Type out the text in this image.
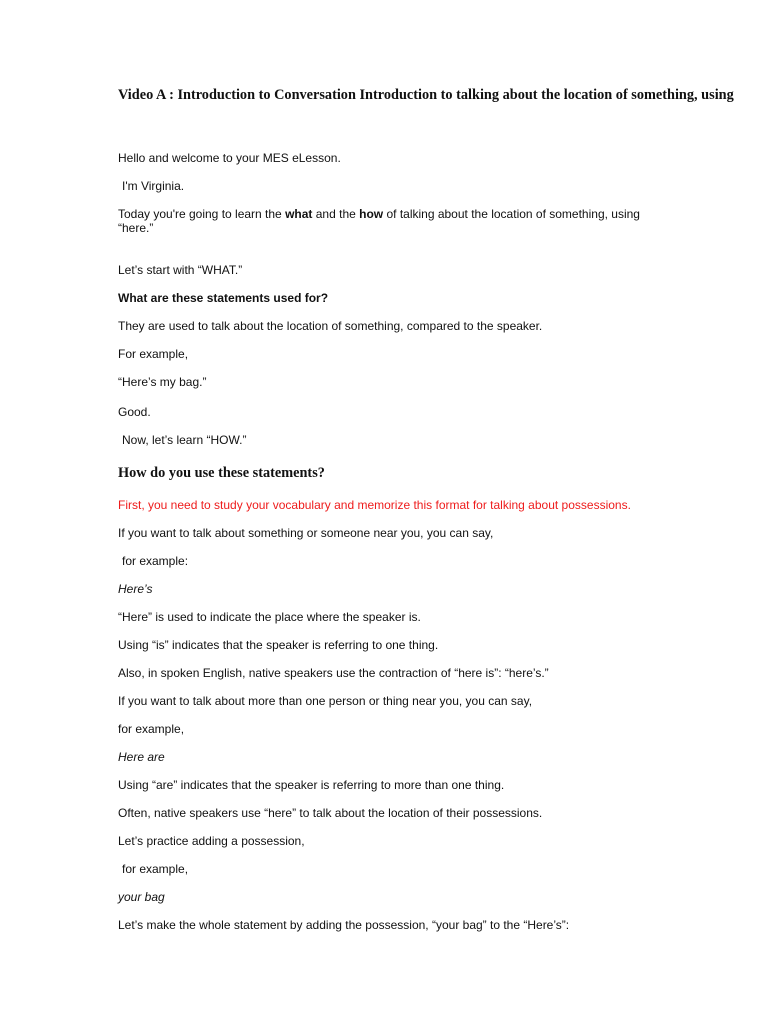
Video A : Introduction to Conversation Introduction to talking about the location of something, using
Hello and welcome to your MES eLesson.
I'm Virginia.
Today you're going to learn the what and the how of talking about the location of something, using
“here.”
Let’s start with “WHAT.”
What are these statements used for?
They are used to talk about the location of something, compared to the speaker.
For example,
“Here’s my bag.”
Good.
Now, let’s learn “HOW.”
How do you use these statements?
First, you need to study your vocabulary and memorize this format for talking about possessions.
If you want to talk about something or someone near you, you can say,
for example:
Here’s
“Here” is used to indicate the place where the speaker is.
Using “is” indicates that the speaker is referring to one thing.
Also, in spoken English, native speakers use the contraction of “here is”: “here’s.”
If you want to talk about more than one person or thing near you, you can say,
for example,
Here are
Using “are” indicates that the speaker is referring to more than one thing.
Often, native speakers use “here” to talk about the location of their possessions.
Let’s practice adding a possession,
for example,
your bag
Let’s make the whole statement by adding the possession, “your bag” to the “Here’s”:
